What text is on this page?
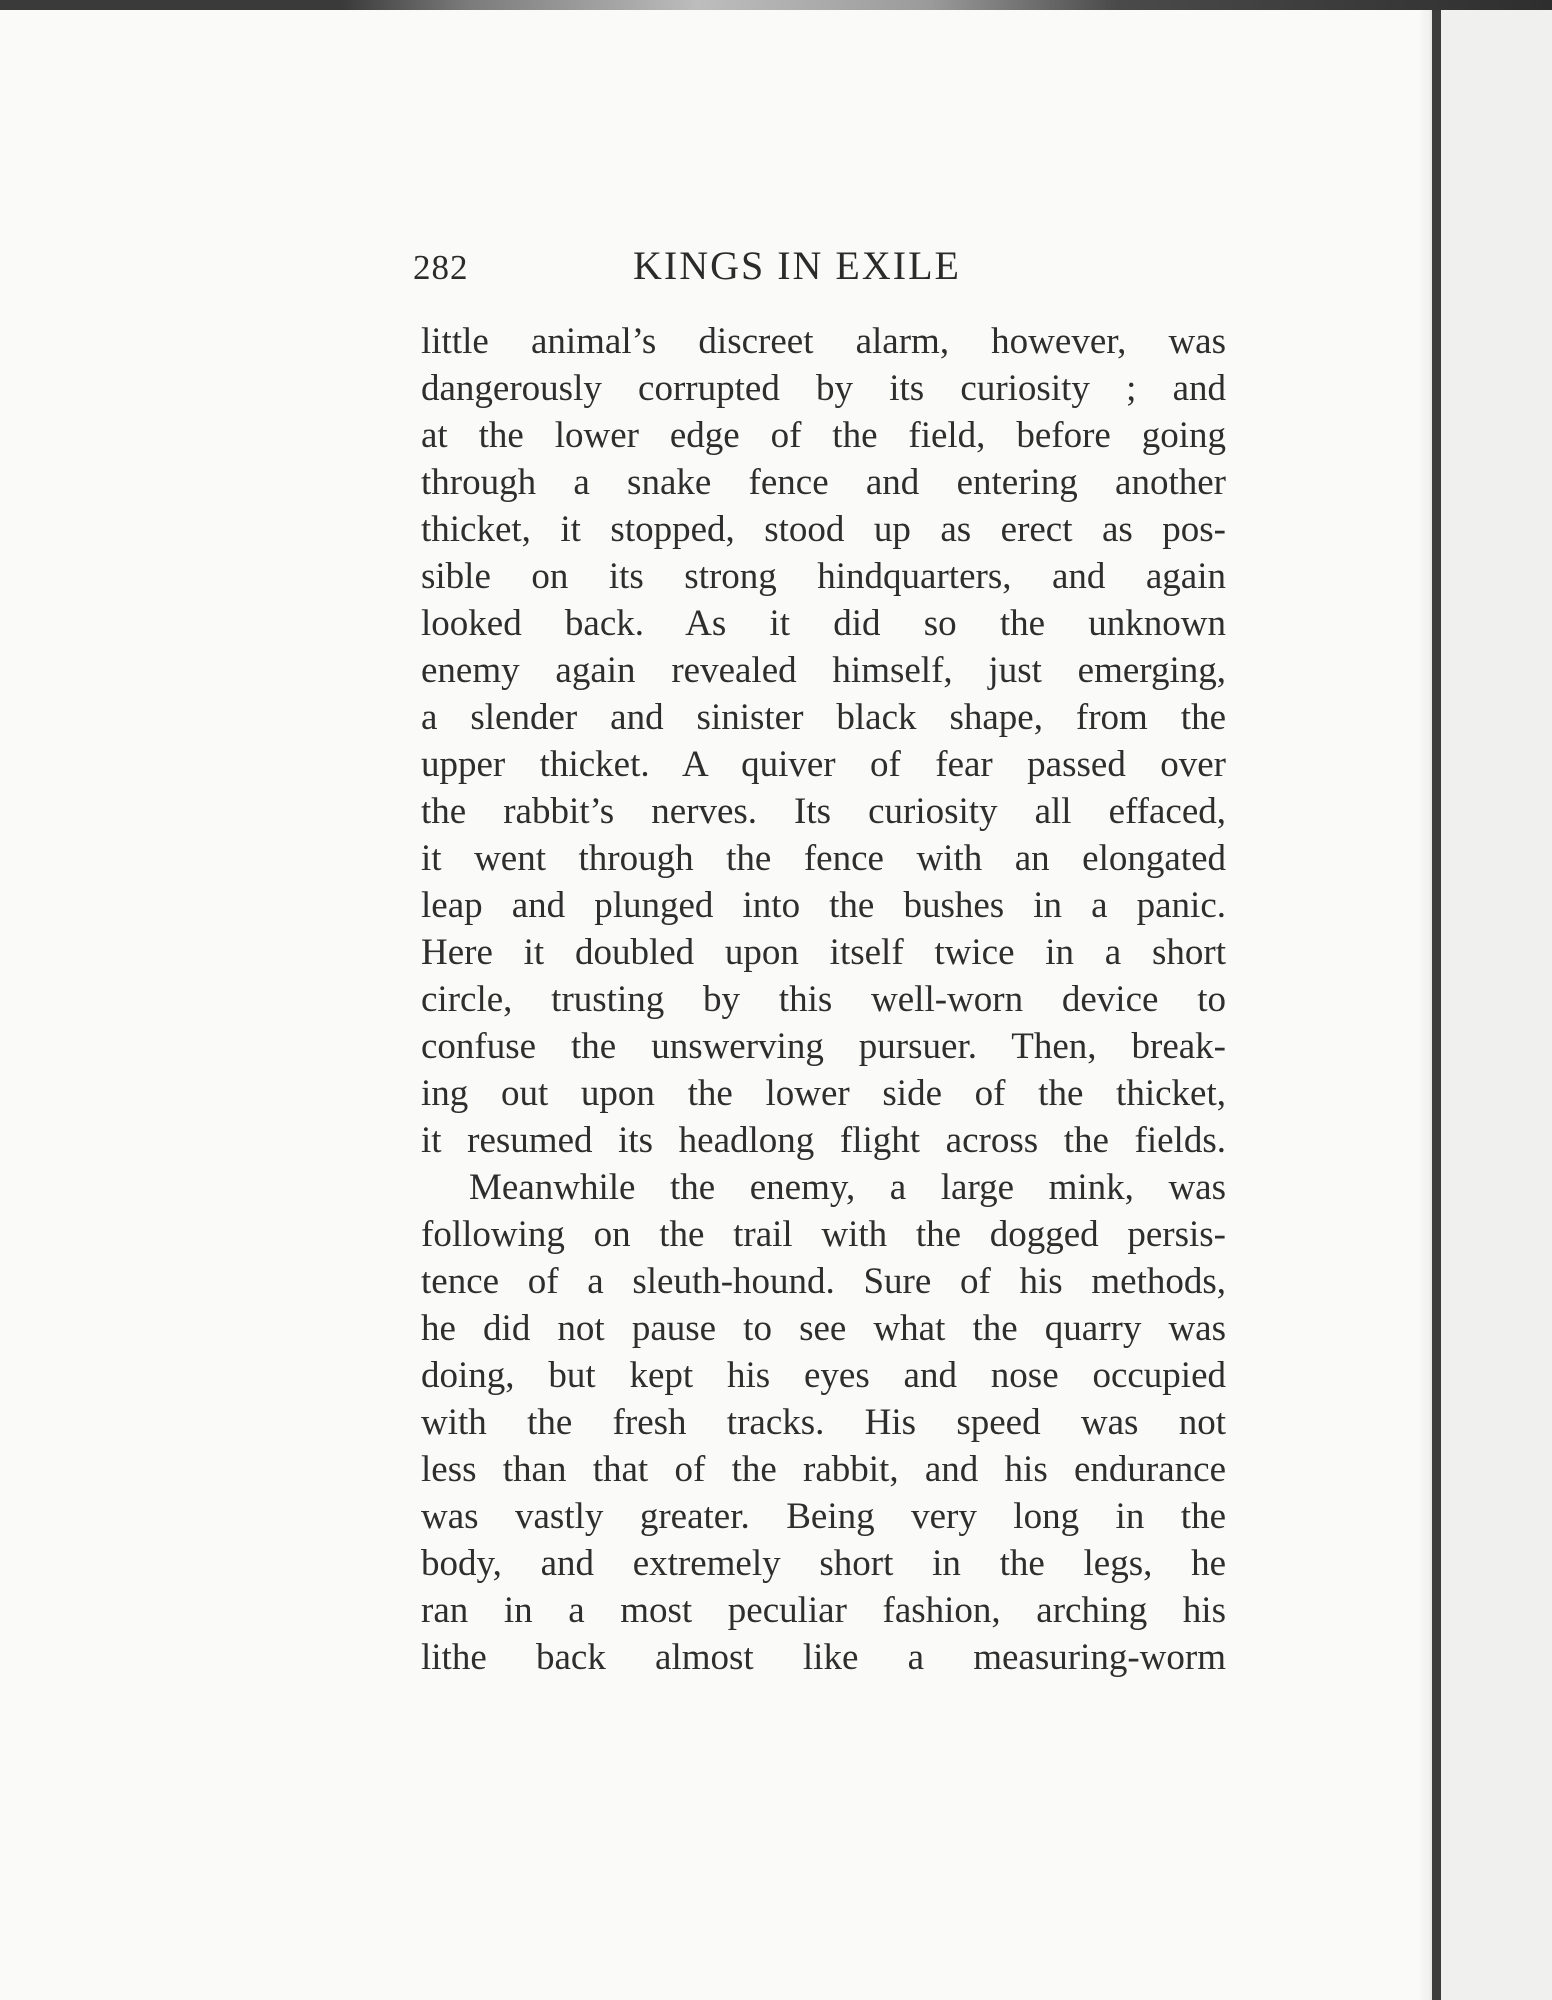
282	KINGS IN EXILE
little animal’s discreet alarm, however, was
dangerously corrupted by its curiosity ; and
at the lower edge of the field, before going
through a snake fence and entering another
thicket, it stopped, stood up as erect as pos-
sible on its strong hindquarters, and again
looked back. As it did so the unknown
enemy again revealed himself, just emerging,
a slender and sinister black shape, from the
upper thicket. A quiver of fear passed over
the rabbit’s nerves. Its curiosity all effaced,
it went through the fence with an elongated
leap and plunged into the bushes in a panic.
Here it doubled upon itself twice in a short
circle, trusting by this well-worn device to
confuse the unswerving pursuer. Then, break-
ing out upon the lower side of the thicket,
it resumed its headlong flight across the fields.
Meanwhile the enemy, a large mink, was
following on the trail with the dogged persis-
tence of a sleuth-hound. Sure of his methods,
he did not pause to see what the quarry was
doing, but kept his eyes and nose occupied
with the fresh tracks. His speed was not
less than that of the rabbit, and his endurance
was vastly greater. Being very long in the
body, and extremely short in the legs, he
ran in a most peculiar fashion, arching his
lithe back almost like a measuring-worm
